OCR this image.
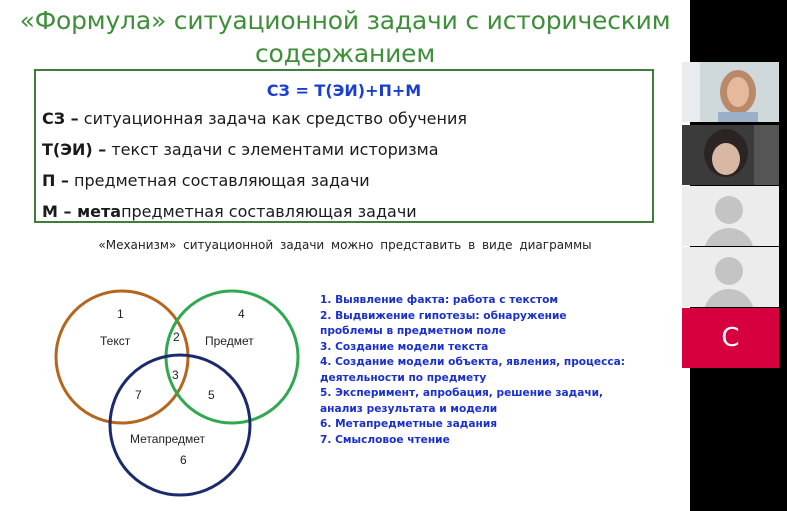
«Формула» ситуационной задачи с историческим
содержанием
СЗ = Т(ЭИ)+П+М
СЗ – ситуационная задача как средство обучения
Т(ЭИ) – текст задачи с элементами историзма
П – предметная составляющая задачи
М – метапредметная составляющая задачи
«Механизм» ситуационной задачи можно представить в виде диаграммы
Текст	Предмет
Метапредмет
1
2
3
4
5
6
7
1. Выявление факта: работа с текстом
2. Выдвижение гипотезы: обнаружение
проблемы в предметном поле
3. Создание модели текста
4. Создание модели объекта, явления, процесса:
деятельности по предмету
5. Эксперимент, апробация, решение задачи,
анализ результата и модели
6. Метапредметные задания
7. Смысловое чтение
С
